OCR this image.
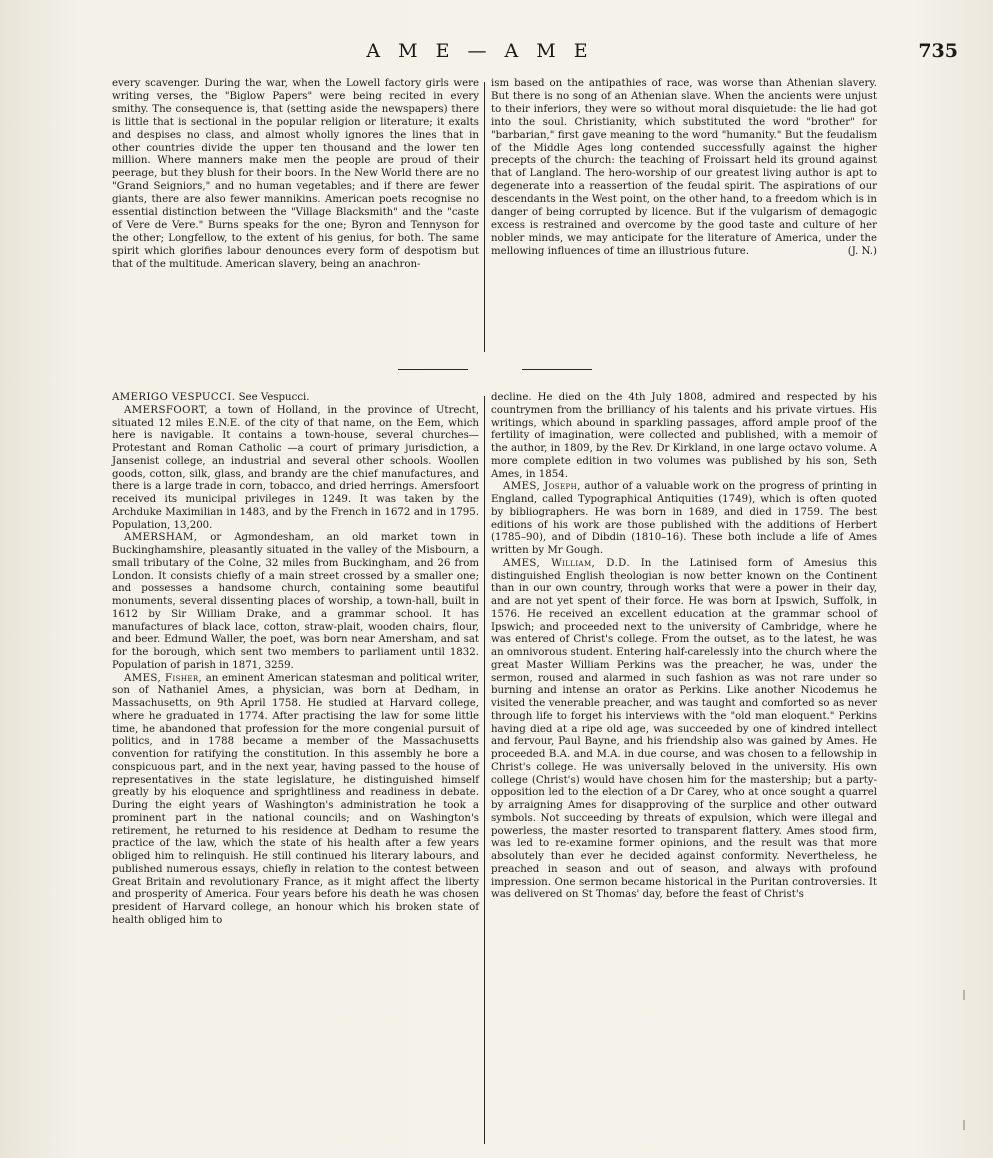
A M E — A M E	735

every scavenger. During the war, when the Lowell factory girls were writing verses, the "Biglow Papers" were being recited in every smithy. The consequence is, that (setting aside the newspapers) there is little that is sectional in the popular religion or literature; it exalts and despises no class, and almost wholly ignores the lines that in other countries divide the upper ten thousand and the lower ten million. Where manners make men the people are proud of their peerage, but they blush for their boors. In the New World there are no "Grand Seigniors," and no human vegetables; and if there are fewer giants, there are also fewer mannikins. American poets recognise no essential distinction between the "Village Blacksmith" and the "caste of Vere de Vere." Burns speaks for the one; Byron and Tennyson for the other; Longfellow, to the extent of his genius, for both. The same spirit which glorifies labour denounces every form of despotism but that of the multitude. American slavery, being an anachron-

ism based on the antipathies of race, was worse than Athenian slavery. But there is no song of an Athenian slave. When the ancients were unjust to their inferiors, they were so without moral disquietude: the lie had got into the soul. Christianity, which substituted the word "brother" for "barbarian," first gave meaning to the word "humanity." But the feudalism of the Middle Ages long contended successfully against the higher precepts of the church: the teaching of Froissart held its ground against that of Langland. The hero-worship of our greatest living author is apt to degenerate into a reassertion of the feudal spirit. The aspirations of our descendants in the West point, on the other hand, to a freedom which is in danger of being corrupted by licence. But if the vulgarism of demagogic excess is restrained and overcome by the good taste and culture of her nobler minds, we may anticipate for the literature of America, under the mellowing influences of time an illustrious future.	(J. N.)

AMERIGO VESPUCCI. See Vespucci.

AMERSFOORT, a town of Holland, in the province of Utrecht, situated 12 miles E.N.E. of the city of that name, on the Eem, which here is navigable. It contains a town-house, several churches—Protestant and Roman Catholic —a court of primary jurisdiction, a Jansenist college, an industrial and several other schools. Woollen goods, cotton, silk, glass, and brandy are the chief manufactures, and there is a large trade in corn, tobacco, and dried herrings. Amersfoort received its municipal privileges in 1249. It was taken by the Archduke Maximilian in 1483, and by the French in 1672 and in 1795. Population, 13,200.

AMERSHAM, or Agmondesham, an old market town in Buckinghamshire, pleasantly situated in the valley of the Misbourn, a small tributary of the Colne, 32 miles from Buckingham, and 26 from London. It consists chiefly of a main street crossed by a smaller one; and possesses a handsome church, containing some beautiful monuments, several dissenting places of worship, a town-hall, built in 1612 by Sir William Drake, and a grammar school. It has manufactures of black lace, cotton, straw-plait, wooden chairs, flour, and beer. Edmund Waller, the poet, was born near Amersham, and sat for the borough, which sent two members to parliament until 1832. Population of parish in 1871, 3259.

AMES, Fisher, an eminent American statesman and political writer, son of Nathaniel Ames, a physician, was born at Dedham, in Massachusetts, on 9th April 1758. He studied at Harvard college, where he graduated in 1774. After practising the law for some little time, he abandoned that profession for the more congenial pursuit of politics, and in 1788 became a member of the Massachusetts convention for ratifying the constitution. In this assembly he bore a conspicuous part, and in the next year, having passed to the house of representatives in the state legislature, he distinguished himself greatly by his eloquence and sprightliness and readiness in debate. During the eight years of Washington's administration he took a prominent part in the national councils; and on Washington's retirement, he returned to his residence at Dedham to resume the practice of the law, which the state of his health after a few years obliged him to relinquish. He still continued his literary labours, and published numerous essays, chiefly in relation to the contest between Great Britain and revolutionary France, as it might affect the liberty and prosperity of America. Four years before his death he was chosen president of Harvard college, an honour which his broken state of health obliged him to

decline. He died on the 4th July 1808, admired and respected by his countrymen from the brilliancy of his talents and his private virtues. His writings, which abound in sparkling passages, afford ample proof of the fertility of imagination, were collected and published, with a memoir of the author, in 1809, by the Rev. Dr Kirkland, in one large octavo volume. A more complete edition in two volumes was published by his son, Seth Ames, in 1854.

AMES, Joseph, author of a valuable work on the progress of printing in England, called Typographical Antiquities (1749), which is often quoted by bibliographers. He was born in 1689, and died in 1759. The best editions of his work are those published with the additions of Herbert (1785–90), and of Dibdin (1810–16). These both include a life of Ames written by Mr Gough.

AMES, William, D.D. In the Latinised form of Amesius this distinguished English theologian is now better known on the Continent than in our own country, through works that were a power in their day, and are not yet spent of their force. He was born at Ipswich, Suffolk, in 1576. He received an excellent education at the grammar school of Ipswich; and proceeded next to the university of Cambridge, where he was entered of Christ's college. From the outset, as to the latest, he was an omnivorous student. Entering half-carelessly into the church where the great Master William Perkins was the preacher, he was, under the sermon, roused and alarmed in such fashion as was not rare under so burning and intense an orator as Perkins. Like another Nicodemus he visited the venerable preacher, and was taught and comforted so as never through life to forget his interviews with the "old man eloquent." Perkins having died at a ripe old age, was succeeded by one of kindred intellect and fervour, Paul Bayne, and his friendship also was gained by Ames. He proceeded B.A. and M.A. in due course, and was chosen to a fellowship in Christ's college. He was universally beloved in the university. His own college (Christ's) would have chosen him for the mastership; but a party-opposition led to the election of a Dr Carey, who at once sought a quarrel by arraigning Ames for disapproving of the surplice and other outward symbols. Not succeeding by threats of expulsion, which were illegal and powerless, the master resorted to transparent flattery. Ames stood firm, was led to re-examine former opinions, and the result was that more absolutely than ever he decided against conformity. Nevertheless, he preached in season and out of season, and always with profound impression. One sermon became historical in the Puritan controversies. It was delivered on St Thomas' day, before the feast of Christ's
